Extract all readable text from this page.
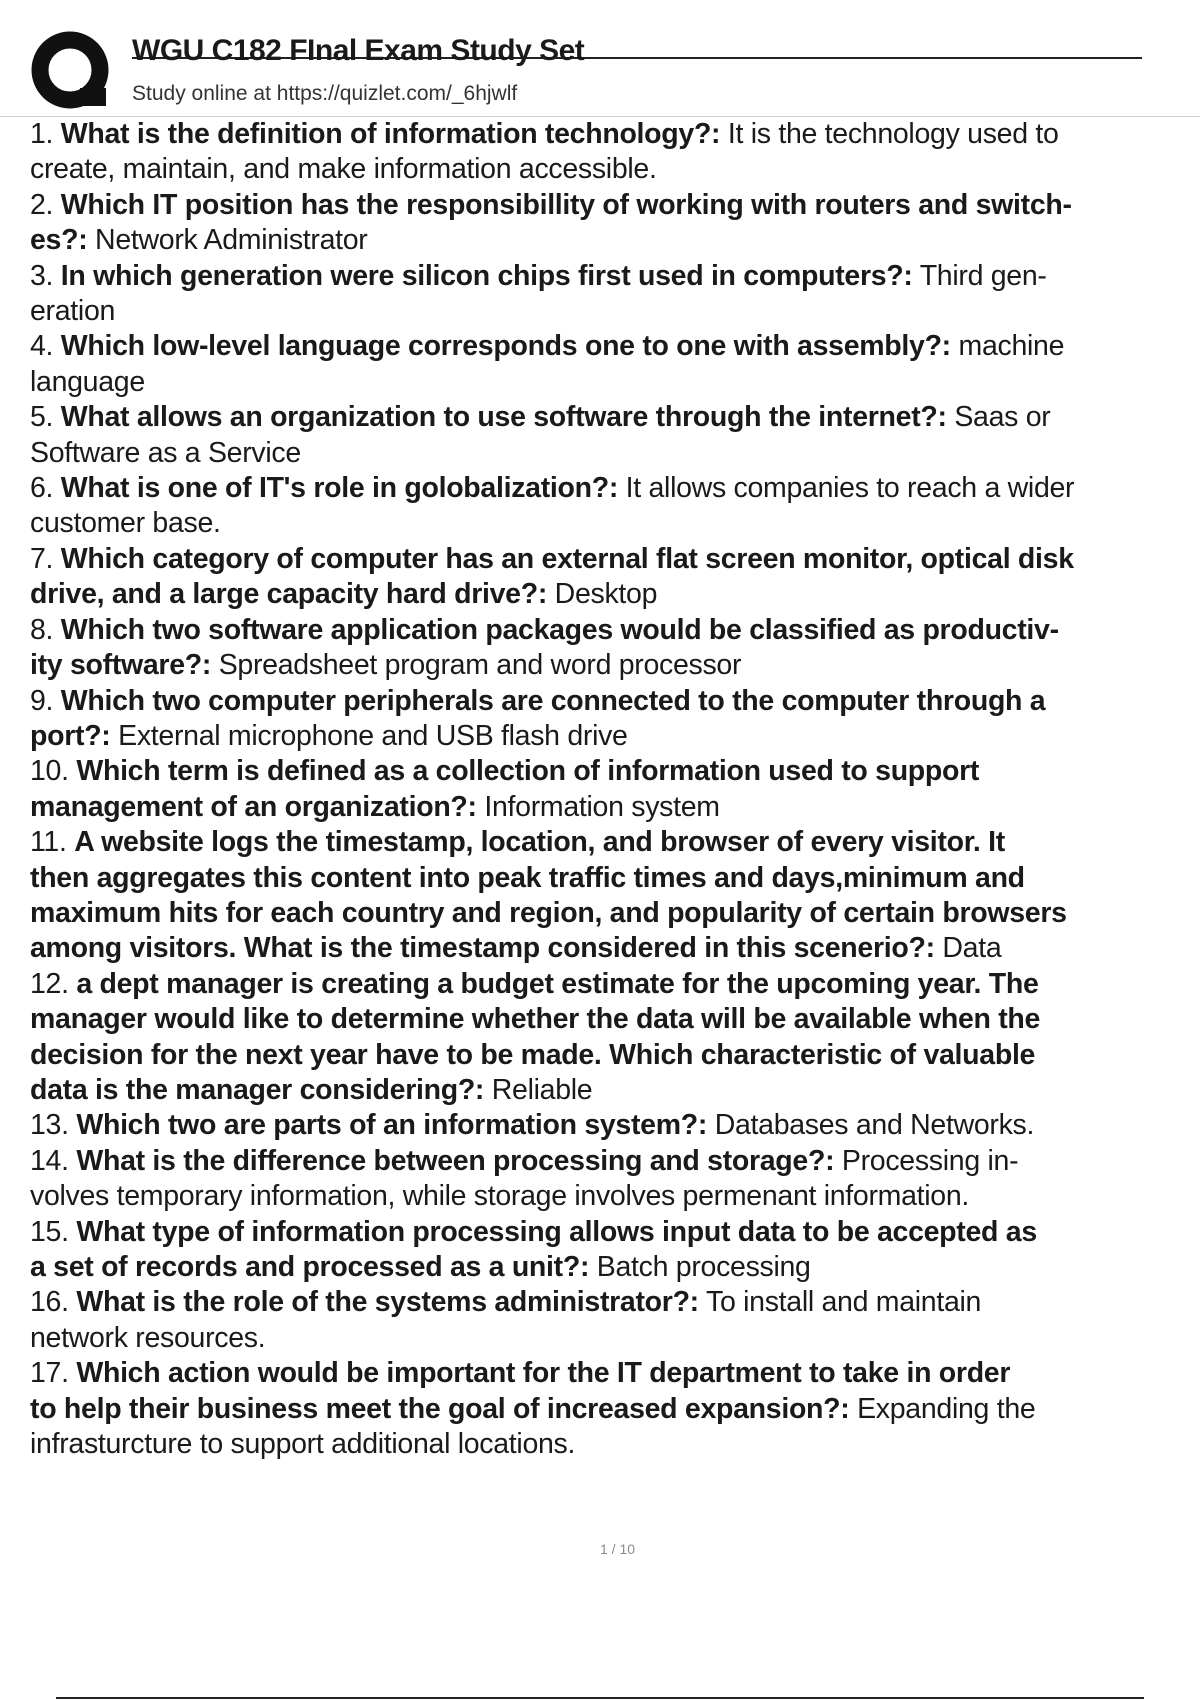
WGU C182 FInal Exam Study Set
Study online at https://quizlet.com/_6hjwlf
1. What is the definition of information technology?: It is the technology used to
create, maintain, and make information accessible.
2. Which IT position has the responsibillity of working with routers and switch-
es?: Network Administrator
3. In which generation were silicon chips first used in computers?: Third gen-
eration
4. Which low-level language corresponds one to one with assembly?: machine
language
5. What allows an organization to use software through the internet?: Saas or
Software as a Service
6. What is one of IT's role in golobalization?: It allows companies to reach a wider
customer base.
7. Which category of computer has an external flat screen monitor, optical disk
drive, and a large capacity hard drive?: Desktop
8. Which two software application packages would be classified as productiv-
ity software?: Spreadsheet program and word processor
9. Which two computer peripherals are connected to the computer through a
port?: External microphone and USB flash drive
10. Which term is defined as a collection of information used to support
management of an organization?: Information system
11. A website logs the timestamp, location, and browser of every visitor. It
then aggregates this content into peak traffic times and days,minimum and
maximum hits for each country and region, and popularity of certain browsers
among visitors. What is the timestamp considered in this scenerio?: Data
12. a dept manager is creating a budget estimate for the upcoming year. The
manager would like to determine whether the data will be available when the
decision for the next year have to be made. Which characteristic of valuable
data is the manager considering?: Reliable
13. Which two are parts of an information system?: Databases and Networks.
14. What is the difference between processing and storage?: Processing in-
volves temporary information, while storage involves permenant information.
15. What type of information processing allows input data to be accepted as
a set of records and processed as a unit?: Batch processing
16. What is the role of the systems administrator?: To install and maintain
network resources.
17. Which action would be important for the IT department to take in order
to help their business meet the goal of increased expansion?: Expanding the
infrasturcture to support additional locations.
1 / 10
